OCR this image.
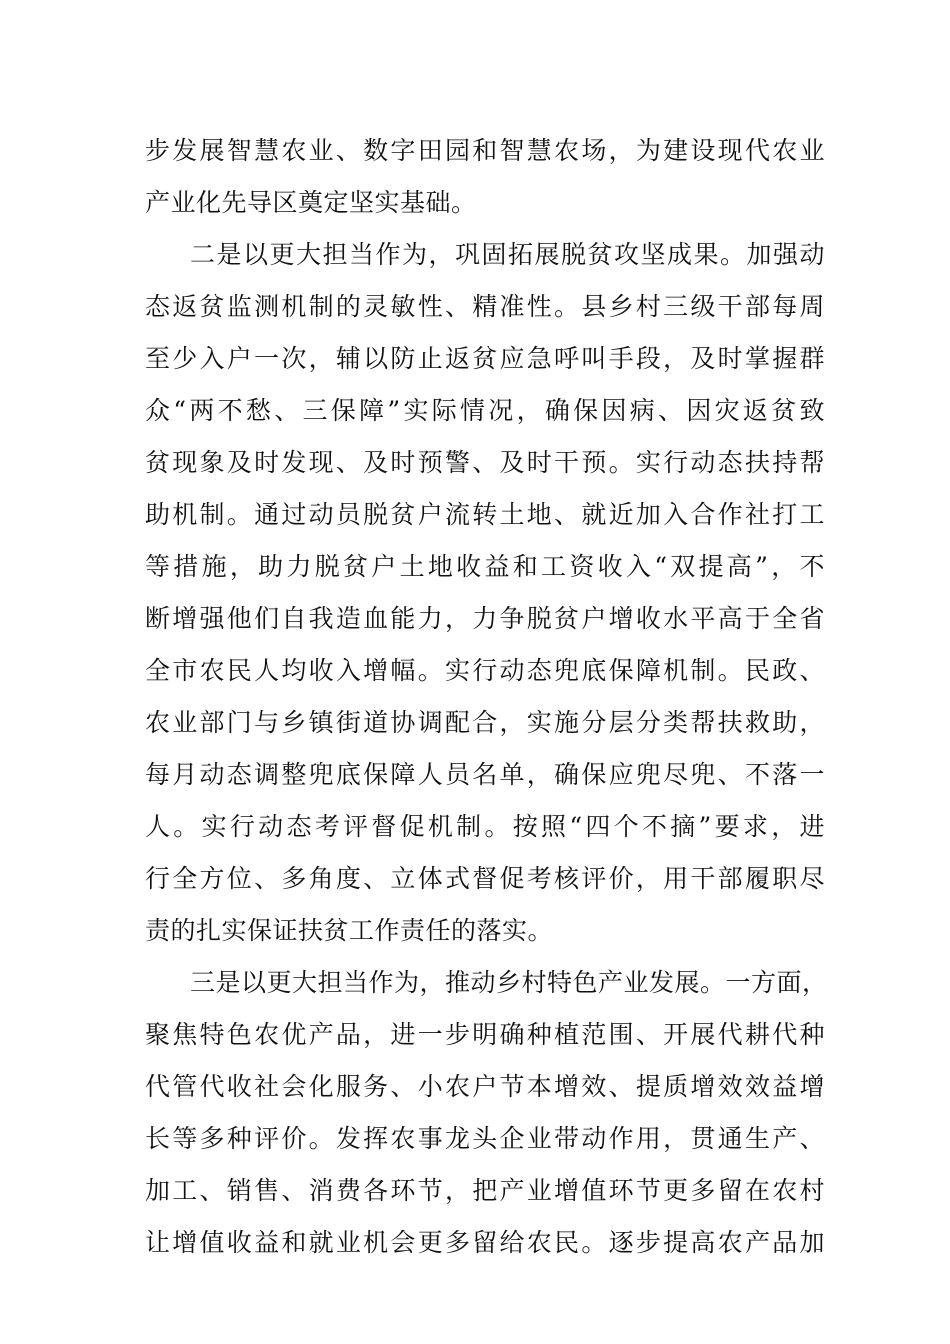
步发展智慧农业、数字田园和智慧农场，为建设现代农业
产业化先导区奠定坚实基础。
二是以更大担当作为，巩固拓展脱贫攻坚成果。加强动
态返贫监测机制的灵敏性、精准性。县乡村三级干部每周
至少入户一次，辅以防止返贫应急呼叫手段，及时掌握群
众“两不愁、三保障”实际情况，确保因病、因灾返贫致
贫现象及时发现、及时预警、及时干预。实行动态扶持帮
助机制。通过动员脱贫户流转土地、就近加入合作社打工
等措施，助力脱贫户土地收益和工资收入“双提高”，不
断增强他们自我造血能力，力争脱贫户增收水平高于全省
全市农民人均收入增幅。实行动态兜底保障机制。民政、
农业部门与乡镇街道协调配合，实施分层分类帮扶救助，
每月动态调整兜底保障人员名单，确保应兜尽兜、不落一
人。实行动态考评督促机制。按照“四个不摘”要求，进
行全方位、多角度、立体式督促考核评价，用干部履职尽
责的扎实保证扶贫工作责任的落实。
三是以更大担当作为，推动乡村特色产业发展。一方面，
聚焦特色农优产品，进一步明确种植范围、开展代耕代种
代管代收社会化服务、小农户节本增效、提质增效效益增
长等多种评价。发挥农事龙头企业带动作用，贯通生产、
加工、销售、消费各环节，把产业增值环节更多留在农村
让增值收益和就业机会更多留给农民。逐步提高农产品加
